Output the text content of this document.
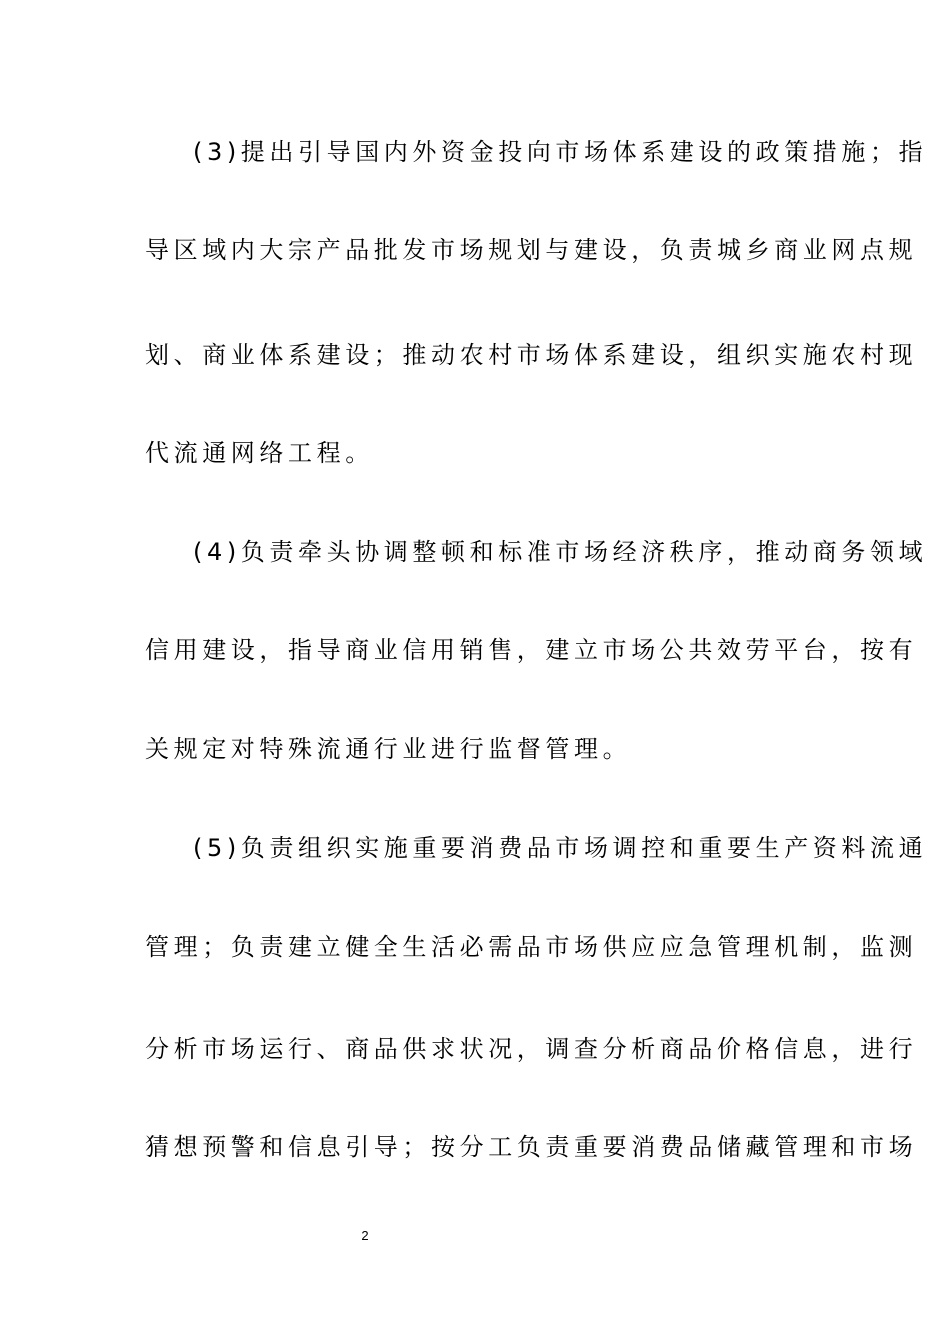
(3)提出引导国内外资金投向市场体系建设的政策措施；指
导区域内大宗产品批发市场规划与建设，负责城乡商业网点规
划、商业体系建设；推动农村市场体系建设，组织实施农村现
代流通网络工程。
(4)负责牵头协调整顿和标准市场经济秩序，推动商务领域
信用建设，指导商业信用销售，建立市场公共效劳平台，按有
关规定对特殊流通行业进行监督管理。
(5)负责组织实施重要消费品市场调控和重要生产资料流通
管理；负责建立健全生活必需品市场供应应急管理机制，监测
分析市场运行、商品供求状况，调查分析商品价格信息，进行
猜想预警和信息引导；按分工负责重要消费品储藏管理和市场
2
